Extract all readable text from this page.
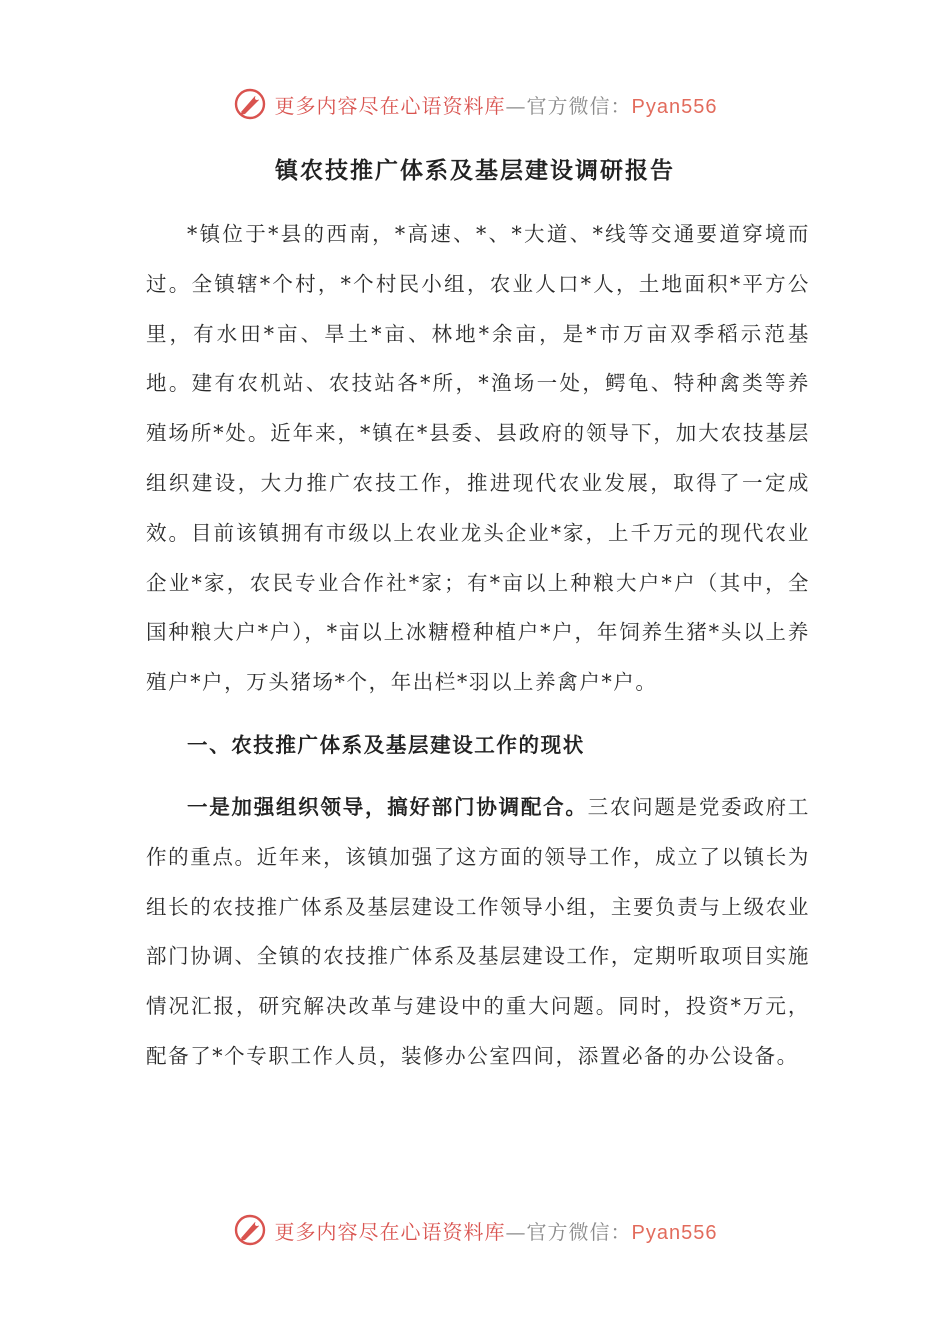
更多内容尽在心语资料库—官方微信：Pyan556
镇农技推广体系及基层建设调研报告

*镇位于*县的西南，*高速、*、*大道、*线等交通要道穿境而过。全镇辖*个村，*个村民小组，农业人口*人，土地面积*平方公里，有水田*亩、旱土*亩、林地*余亩，是*市万亩双季稻示范基地。建有农机站、农技站各*所，*渔场一处，鳄龟、特种禽类等养殖场所*处。近年来，*镇在*县委、县政府的领导下，加大农技基层组织建设，大力推广农技工作，推进现代农业发展，取得了一定成效。目前该镇拥有市级以上农业龙头企业*家，上千万元的现代农业企业*家，农民专业合作社*家；有*亩以上种粮大户*户（其中，全国种粮大户*户），*亩以上冰糖橙种植户*户，年饲养生猪*头以上养殖户*户，万头猪场*个，年出栏*羽以上养禽户*户。

一、农技推广体系及基层建设工作的现状

一是加强组织领导，搞好部门协调配合。三农问题是党委政府工作的重点。近年来，该镇加强了这方面的领导工作，成立了以镇长为组长的农技推广体系及基层建设工作领导小组，主要负责与上级农业部门协调、全镇的农技推广体系及基层建设工作，定期听取项目实施情况汇报，研究解决改革与建设中的重大问题。同时，投资*万元，配备了*个专职工作人员，装修办公室四间，添置必备的办公设备。

更多内容尽在心语资料库—官方微信：Pyan556
